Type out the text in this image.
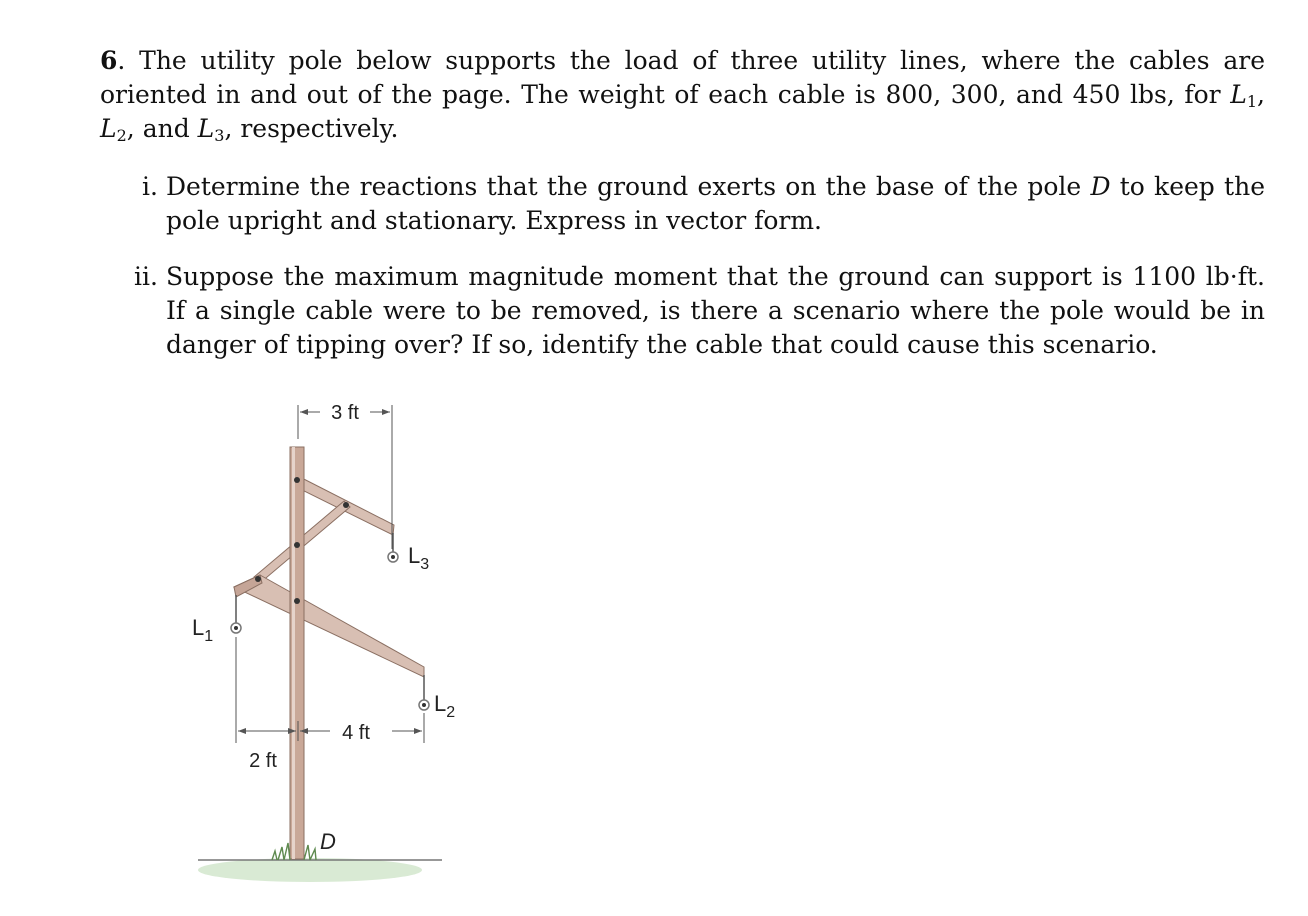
6. The utility pole below supports the load of three utility lines, where the cables are oriented in and out of the page. The weight of each cable is 800, 300, and 450 lbs, for $L_1$, $L_2$, and $L_3$, respectively.

i. Determine the reactions that the ground exerts on the base of the pole D to keep the pole upright and stationary. Express in vector form.
ii. Suppose the maximum magnitude moment that the ground can support is 1100 lb·ft. If a single cable were to be removed, is there a scenario where the pole would be in danger of tipping over? If so, identify the cable that could cause this scenario.
3 ft
4 ft
2 ft
$L_1$
$L_3$
$L_2$
D
